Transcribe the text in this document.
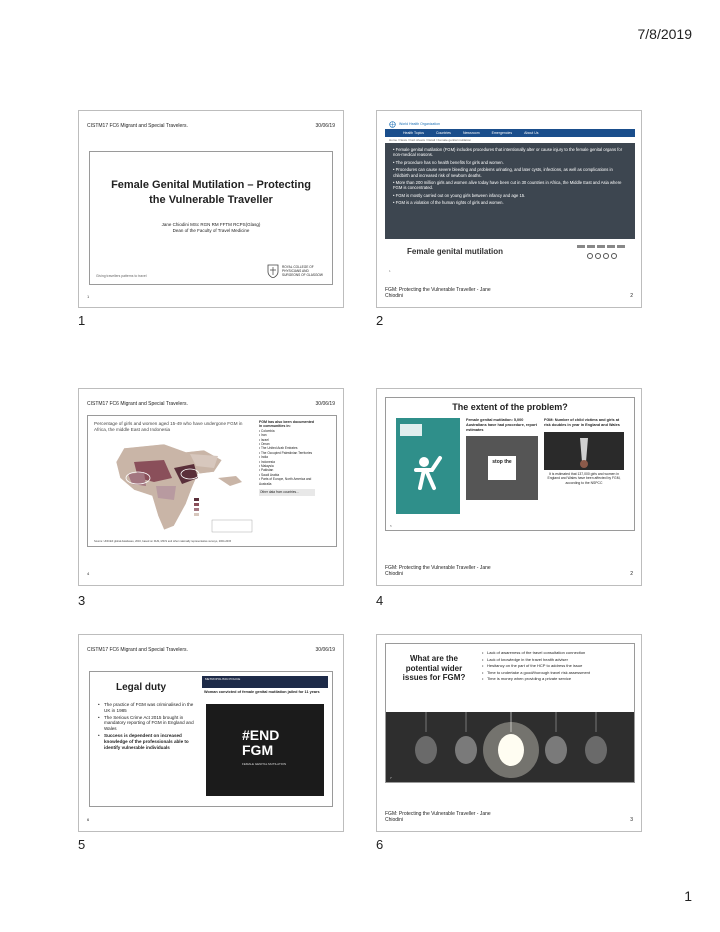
7/8/2019
CISTM17 FC6 Migrant and Special Travelers.	30/06/19
Female Genital Mutilation – Protecting the Vulnerable Traveller
Jane Chiodini MSc RGN RM FFTM RCPS(Glasg)
Dean of the Faculty of Travel Medicine
Giving travellers patterns to travel
ROYAL COLLEGE OF PHYSICIANS AND SURGEONS OF GLASGOW
1
World Health Organization
Health Topics	Countries	Newsroom	Emergencies	About Us
Home / News / Fact sheets / Detail / Female genital mutilation
• Female genital mutilation (FGM) includes procedures that intentionally alter or cause injury to the female genital organs for non-medical reasons.
• The procedure has no health benefits for girls and women.
• Procedures can cause severe bleeding and problems urinating, and later cysts, infections, as well as complications in childbirth and increased risk of newborn deaths.
• More than 200 million girls and women alive today have been cut in 30 countries in Africa, the Middle East and Asia where FGM is concentrated.
• FGM is mostly carried out on young girls between infancy and age 15.
• FGM is a violation of the human rights of girls and women.
Female genital mutilation
1
FGM: Protecting the Vulnerable Traveller - Jane Chiodini	2
CISTM17 FC6 Migrant and Special Travelers.	30/06/19
Percentage of girls and women aged 15-49 who have undergone FGM in Africa, the middle East and Indonesia
FGM has also been documented in communities in:
• Colombia
• Iran
• Israel
• Oman
• The United Arab Emirates
• The Occupied Palestinian Territories
• India
• Indonesia
• Malaysia
• Pakistan
• Saudi Arabia
• Parts of Europe, North America and Australia
Other data from countries...
Source: UNICEF global databases, 2016, based on DHS, MICS and other nationally representative surveys, 2004-2015
4
The extent of the problem?
Female genital mutilation: 5,000 Australians have had procedure, report estimates
stop the
FGM: Number of child victims and girls at risk doubles in year in England and Wales
It is estimated that 137,000 girls and women in England and Wales have been affected by FGM, according to the NSPCC
5
FGM: Protecting the Vulnerable Traveller - Jane Chiodini	2
CISTM17 FC6 Migrant and Special Travelers.	30/06/19
Legal duty
• The practice of FGM was criminalised in the UK in 1985
• The Serious Crime Act 2015 brought in mandatory reporting of FGM in England and Wales
• Success is dependent on increased knowledge of the professionals able to identify vulnerable individuals
METROPOLITAN POLICE
Woman convicted of female genital mutilation jailed for 11 years
#END FGM
FEMALE GENITAL MUTILATION
6
What are the potential wider issues for FGM?
• Lack of awareness of the travel consultation connection
• Lack of knowledge in the travel health adviser
• Hesitancy on the part of the HCP to address the issue
• Time to undertake a good/thorough travel risk assessment
• Time is money when providing a private service
7
FGM: Protecting the Vulnerable Traveller - Jane Chiodini	3
1	2
3	4
5	6
1
